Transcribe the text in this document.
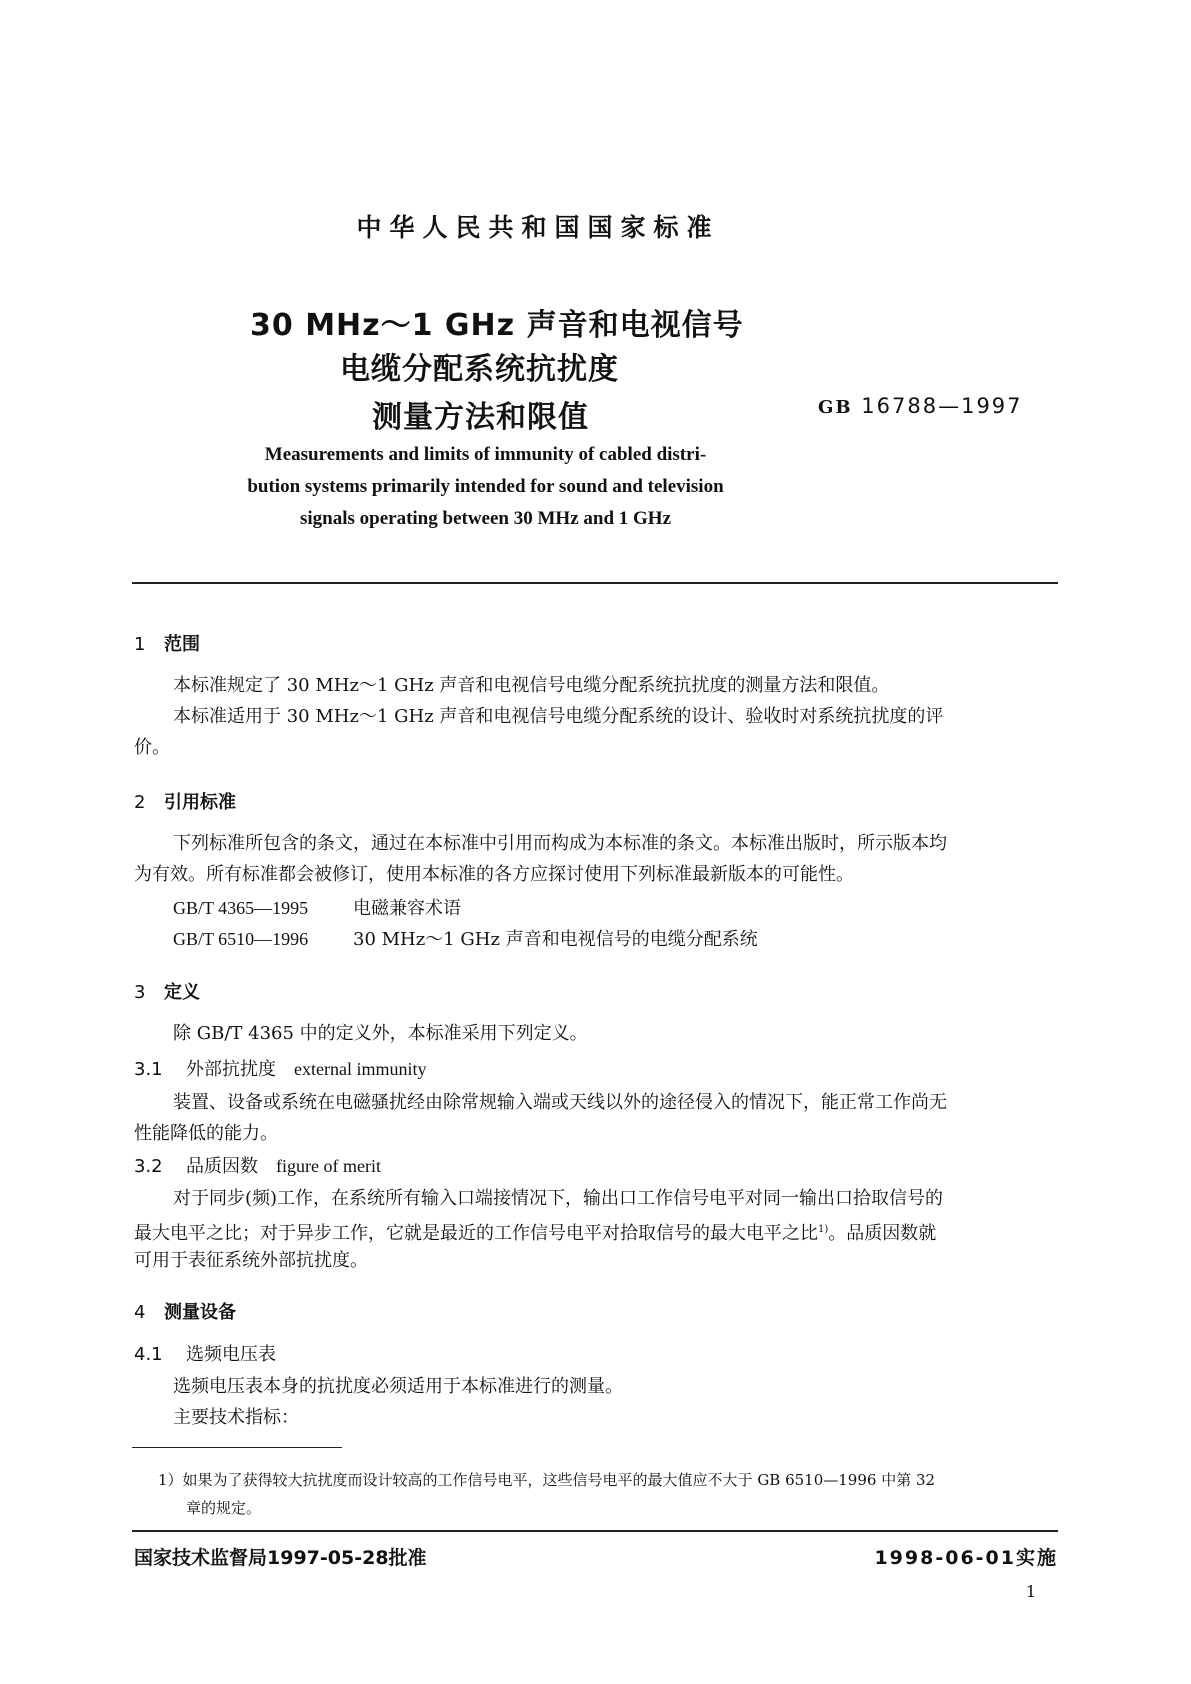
中华人民共和国国家标准
30 MHz～1 GHz 声音和电视信号
电缆分配系统抗扰度
测量方法和限值	GB 16788—1997
Measurements and limits of immunity of cabled distri-
bution systems primarily intended for sound and television
signals operating between 30 MHz and 1 GHz
1 范围
本标准规定了 30 MHz～1 GHz 声音和电视信号电缆分配系统抗扰度的测量方法和限值。
本标准适用于 30 MHz～1 GHz 声音和电视信号电缆分配系统的设计、验收时对系统抗扰度的评
价。
2 引用标准
下列标准所包含的条文，通过在本标准中引用而构成为本标准的条文。本标准出版时，所示版本均
为有效。所有标准都会被修订，使用本标准的各方应探讨使用下列标准最新版本的可能性。
GB/T 4365—1995 电磁兼容术语
GB/T 6510—1996 30 MHz～1 GHz 声音和电视信号的电缆分配系统
3 定义
除 GB/T 4365 中的定义外，本标准采用下列定义。
3.1 外部抗扰度 external immunity
装置、设备或系统在电磁骚扰经由除常规输入端或天线以外的途径侵入的情况下，能正常工作尚无
性能降低的能力。
3.2 品质因数 figure of merit
对于同步(频)工作，在系统所有输入口端接情况下，输出口工作信号电平对同一输出口拾取信号的
最大电平之比；对于异步工作，它就是最近的工作信号电平对拾取信号的最大电平之比$^{1)}$。品质因数就
可用于表征系统外部抗扰度。
4 测量设备
4.1 选频电压表
选频电压表本身的抗扰度必须适用于本标准进行的测量。
主要技术指标：
1）如果为了获得较大抗扰度而设计较高的工作信号电平，这些信号电平的最大值应不大于 GB 6510—1996 中第 32
章的规定。
国家技术监督局1997-05-28批准	1998-06-01实施
1
